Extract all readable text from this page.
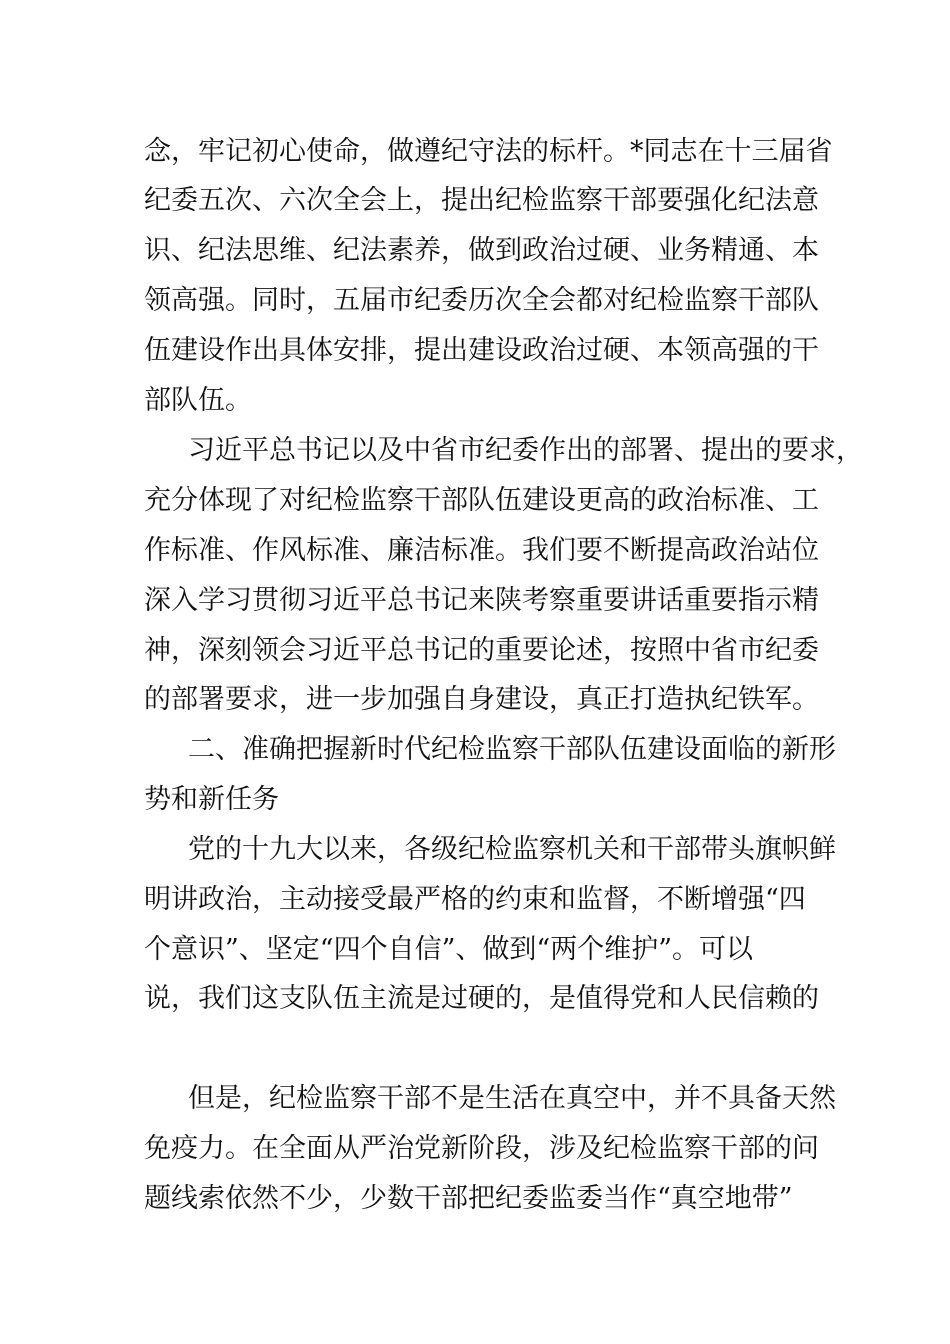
念，牢记初心使命，做遵纪守法的标杆。*同志在十三届省
纪委五次、六次全会上，提出纪检监察干部要强化纪法意
识、纪法思维、纪法素养，做到政治过硬、业务精通、本
领高强。同时，五届市纪委历次全会都对纪检监察干部队
伍建设作出具体安排，提出建设政治过硬、本领高强的干
部队伍。
习近平总书记以及中省市纪委作出的部署、提出的要求，
充分体现了对纪检监察干部队伍建设更高的政治标准、工
作标准、作风标准、廉洁标准。我们要不断提高政治站位
深入学习贯彻习近平总书记来陕考察重要讲话重要指示精
神，深刻领会习近平总书记的重要论述，按照中省市纪委
的部署要求，进一步加强自身建设，真正打造执纪铁军。
二、准确把握新时代纪检监察干部队伍建设面临的新形
势和新任务
党的十九大以来，各级纪检监察机关和干部带头旗帜鲜
明讲政治，主动接受最严格的约束和监督，不断增强“四
个意识”、坚定“四个自信”、做到“两个维护”。可以
说，我们这支队伍主流是过硬的，是值得党和人民信赖的
但是，纪检监察干部不是生活在真空中，并不具备天然
免疫力。在全面从严治党新阶段，涉及纪检监察干部的问
题线索依然不少，少数干部把纪委监委当作“真空地带”
